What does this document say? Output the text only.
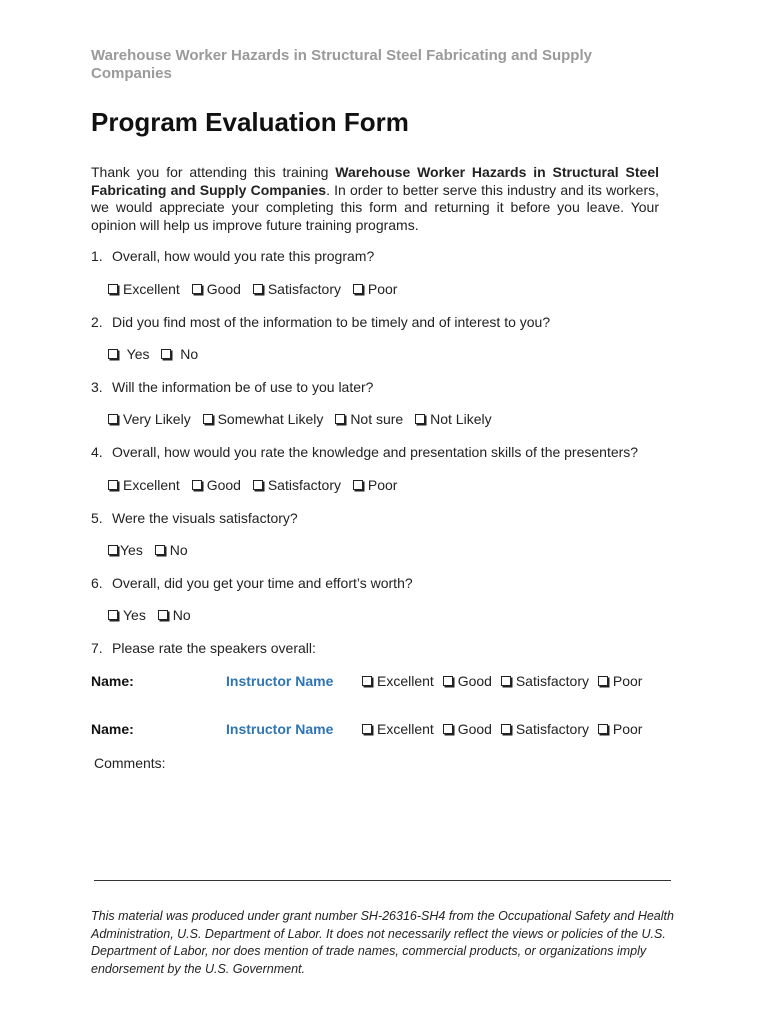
Warehouse Worker Hazards in Structural Steel Fabricating and Supply Companies
Program Evaluation Form
Thank you for attending this training Warehouse Worker Hazards in Structural Steel Fabricating and Supply Companies. In order to better serve this industry and its workers, we would appreciate your completing this form and returning it before you leave. Your opinion will help us improve future training programs.
1. Overall, how would you rate this program?
Excellent Good Satisfactory Poor
2. Did you find most of the information to be timely and of interest to you?
Yes No
3. Will the information be of use to you later?
Very Likely Somewhat Likely Not sure Not Likely
4. Overall, how would you rate the knowledge and presentation skills of the presenters?
Excellent Good Satisfactory Poor
5. Were the visuals satisfactory?
Yes No
6. Overall, did you get your time and effort’s worth?
Yes No
7. Please rate the speakers overall:
Name:	Instructor Name	Excellent Good Satisfactory Poor
Name:	Instructor Name	Excellent Good Satisfactory Poor
Comments:
This material was produced under grant number SH-26316-SH4 from the Occupational Safety and Health Administration, U.S. Department of Labor. It does not necessarily reflect the views or policies of the U.S. Department of Labor, nor does mention of trade names, commercial products, or organizations imply endorsement by the U.S. Government.
